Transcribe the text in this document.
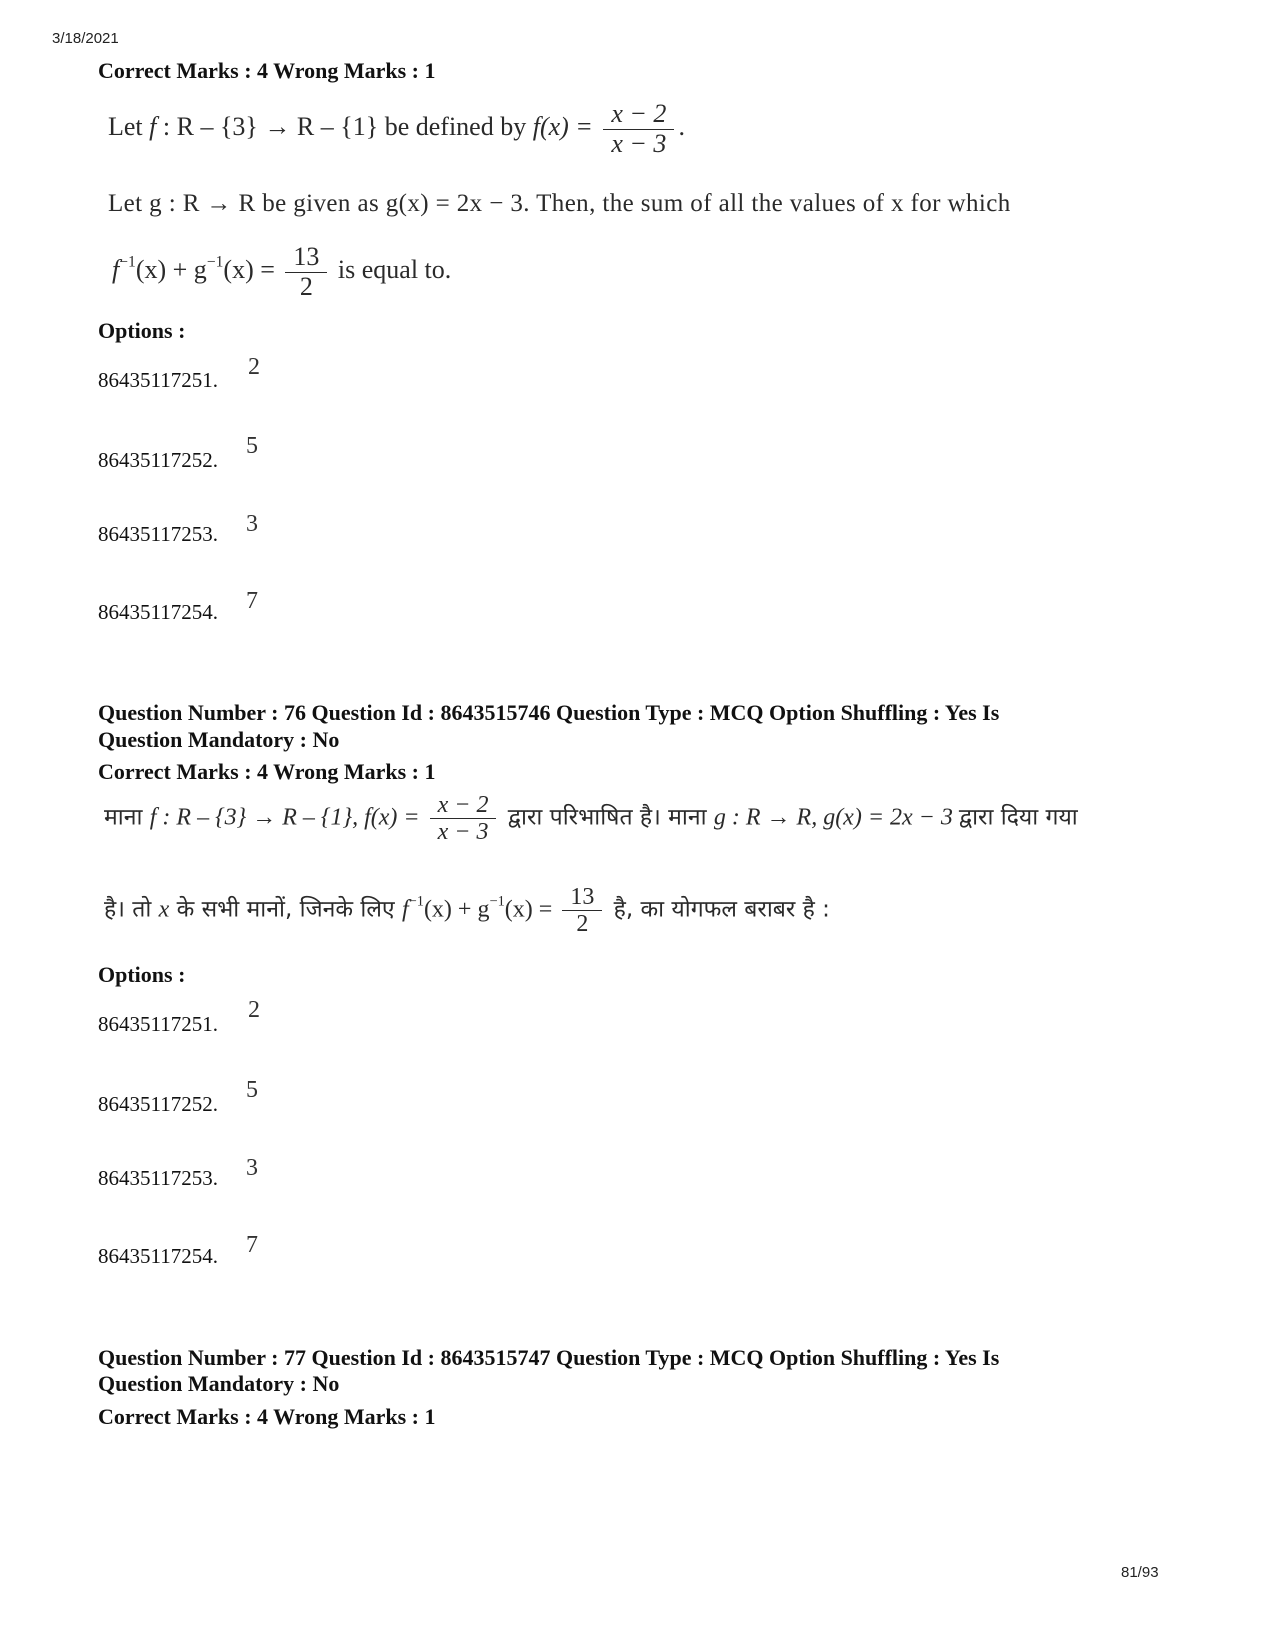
3/18/2021
Correct Marks : 4 Wrong Marks : 1
Let f : R – {3} → R – {1} be defined by $f(x) = \frac{x - 2}{x - 3}$ .
Let g : R → R be given as g(x) = 2x − 3. Then, the sum of all the values of x for which
$f^{-1}(x) + g^{-1}(x) = \frac{13}{2}$ is equal to.
Options :
86435117251. 2
86435117252.
5
86435117253. 3
86435117254. 7
Question Number : 76 Question Id : 8643515746 Question Type : MCQ Option Shuffling : Yes Is
Question Mandatory : No
Correct Marks : 4 Wrong Marks : 1
माना f : R – {3} → R – {1}, $f(x) = \frac{x - 2}{x - 3}$ द्वारा परिभाषित है। माना g : R → R, g(x) = 2x − 3 द्वारा दिया गया
है। तो x के सभी मानों, जिनके लिए $f^{-1}(x) + g^{-1}(x) = \frac{13}{2}$ है, का योगफल बराबर है :
Options :
86435117251.
2
86435117252.
5
86435117253. 3
86435117254. 7
Question Number : 77 Question Id : 8643515747 Question Type : MCQ Option Shuffling : Yes Is
Question Mandatory : No
Correct Marks : 4 Wrong Marks : 1
81/93
